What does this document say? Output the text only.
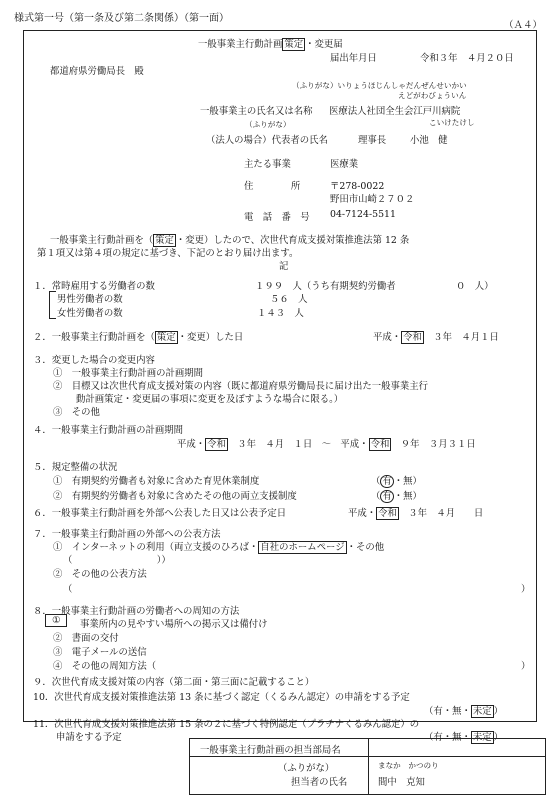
様式第一号（第一条及び第二条関係）（第一面）
（Ａ４）
一般事業主行動計画 策定 ・変更届
届出年月日	令和３年　４月２０日
都道府県労働局長　殿
（ふりがな）いりょうほじんしゃだんぜんせいかい
えどがわびょういん
一般事業主の氏名又は名称 医療法人社団全生会江戸川病院
（ふりがな）	こいけたけし
（法人の場合）代表者の氏名	理事長	小池　健
主たる事業	医療業
住　　　　所	〒278-0022
野田市山崎２７０２
電　話　番　号 04-7124-5511
一般事業主行動計画を（ 策定 ・変更）したので、次世代育成支援対策推進法第 12 条
第１項又は第４項の規定に基づき、下記のとおり届け出ます。
記
１．常時雇用する労働者の数	１９９　人（うち有期契約労働者	０　人）
男性労働者の数	５６　人
女性労働者の数	１４３　人
２．一般事業主行動計画を（ 策定 ・変更）した日	平成・ 令和　 ３年　４月１日
３．変更した場合の変更内容
①　一般事業主行動計画の計画期間
②　目標又は次世代育成支援対策の内容（既に都道府県労働局長に届け出た一般事業主行
動計画策定・変更届の事項に変更を及ぼすような場合に限る。）
③　その他
４．一般事業主行動計画の計画期間
平成・ 令和　 ３年　４月　１日　～　平成・ 令和　 ９年　３月３１日
５．規定整備の状況
①　有期契約労働者も対象に含めた育児休業制度	（ 有 ・無）
②　有期契約労働者も対象に含めたその他の両立支援制度	（ 有 ・無）
６．一般事業主行動計画を外部へ公表した日又は公表予定日	平成・ 令和　 ３年　４月　　日
７．一般事業主行動計画の外部への公表方法
①　インターネットの利用（両立支援のひろば・ 自社のホームページ ・その他
（　　　　　　　　　））
②　その他の公表方法
（	）
８．一般事業主行動計画の労働者への周知の方法
①	事業所内の見やすい場所への掲示又は備付け
②　書面の交付
③　電子メールの送信
④　その他の周知方法（	）
９．次世代育成支援対策の内容（第二面・第三面に記載すること）
10．次世代育成支援対策推進法第 13 条に基づく認定（くるみん認定）の申請をする予定
（有・無・ 未定 ）
11．次世代育成支援対策推進法第 15 条の２に基づく特例認定（プラチナくるみん認定）の
申請をする予定	（有・無・ 未定 ）
一般事業主行動計画の担当部局名
（ふりがな）	まなか　かつのり
担当者の氏名	間中　克知
